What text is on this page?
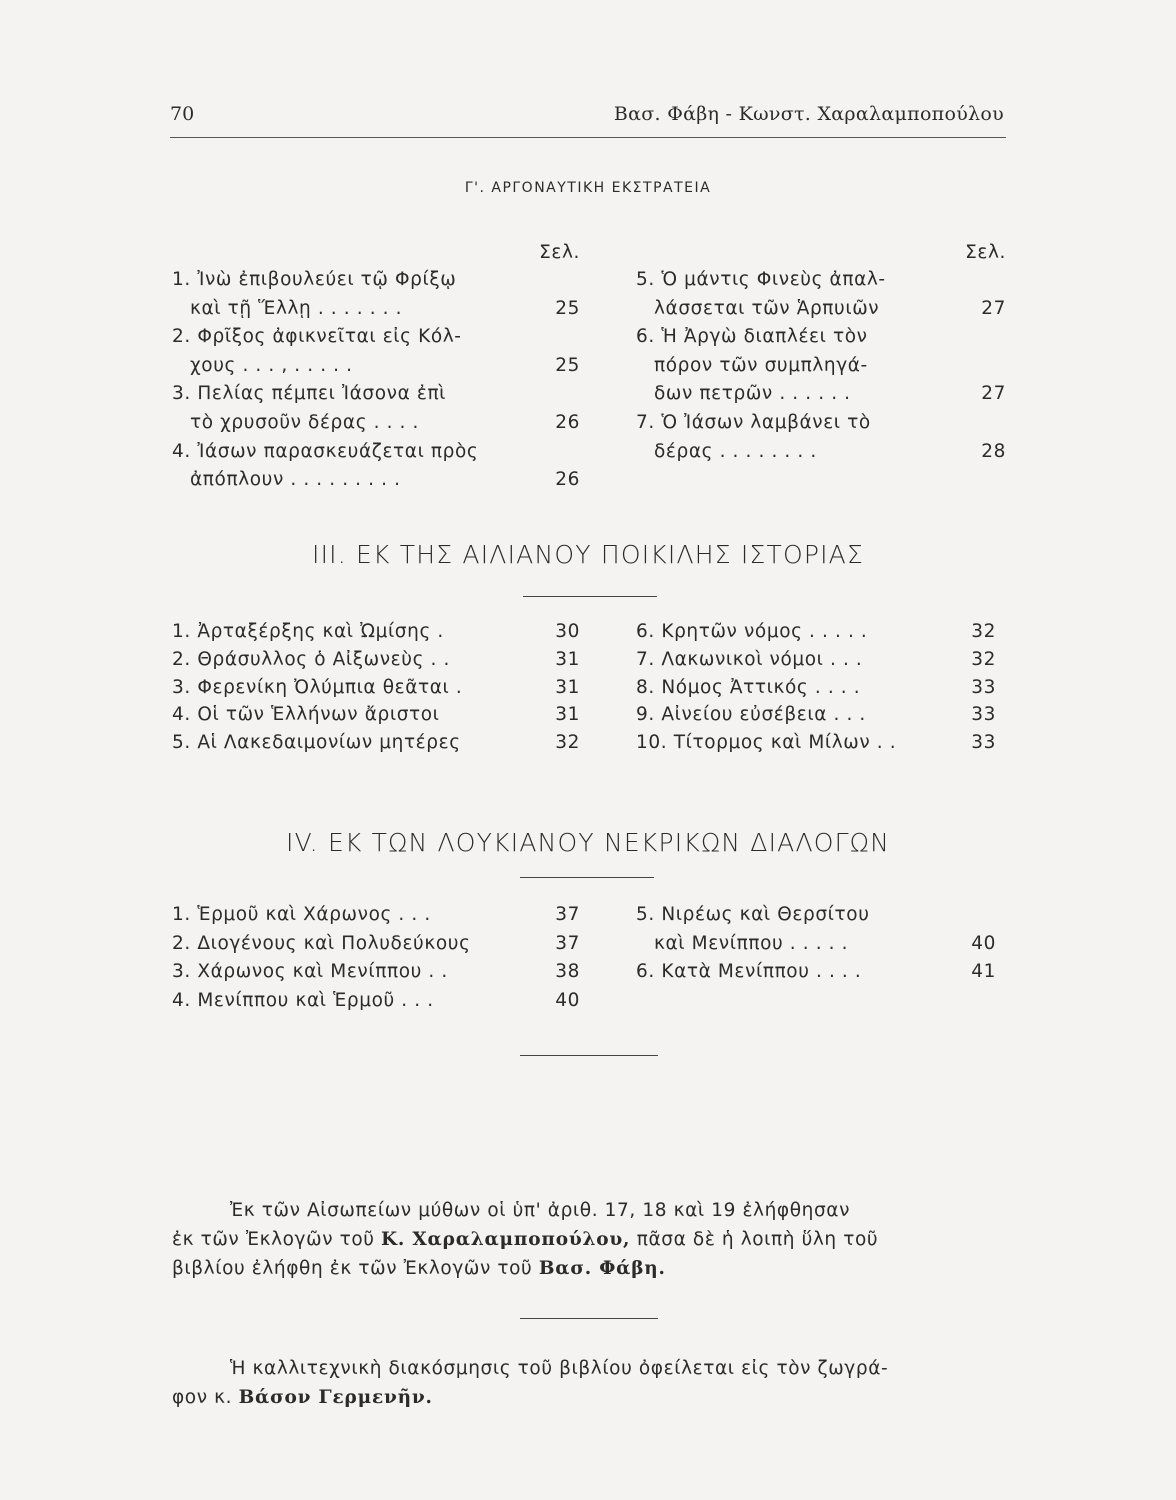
70	Βασ. Φάβη - Κωνστ. Χαραλαμποπούλου
Γ'. ΑΡΓΟΝΑΥΤΙΚΗ ΕΚΣΤΡΑΤΕΙΑ
Σελ.
1. Ἰνὼ ἐπιβουλεύει τῷ Φρίξῳ
καὶ τῇ Ἕλλῃ . . . . . . .	25
2. Φρῖξος ἀφικνεῖται εἰς Κόλ-
χους . . . , . . . . .	25
3. Πελίας πέμπει Ἰάσονα ἐπὶ
τὸ χρυσοῦν δέρας . . . .	26
4. Ἰάσων παρασκευάζεται πρὸς
ἀπόπλουν . . . . . . . . .	26
Σελ.
5. Ὁ μάντις Φινεὺς ἀπαλ-
λάσσεται τῶν Ἁρπυιῶν	27
6. Ἡ Ἀργὼ διαπλέει τὸν
πόρον τῶν συμπληγά-
δων πετρῶν . . . . . .	27
7. Ὁ Ἰάσων λαμβάνει τὸ
δέρας . . . . . . . .	28
III. ΕΚ ΤΗΣ ΑΙΛΙΑΝΟΥ ΠΟΙΚΙΛΗΣ ΙΣΤΟΡΙΑΣ
1. Ἀρταξέρξης καὶ Ὠμίσης .	30
2. Θράσυλλος ὁ Αἰξωνεὺς . .	31
3. Φερενίκη Ὀλύμπια θεᾶται .	31
4. Οἱ τῶν Ἑλλήνων ἄριστοι	31
5. Αἱ Λακεδαιμονίων μητέρες	32
6. Κρητῶν νόμος . . . . .	32
7. Λακωνικοὶ νόμοι . . .	32
8. Νόμος Ἀττικός . . . .	33
9. Αἰνείου εὐσέβεια . . .	33
10. Τίτορμος καὶ Μίλων . .	33
IV. ΕΚ ΤΩΝ ΛΟΥΚΙΑΝΟΥ ΝΕΚΡΙΚΩΝ ΔΙΑΛΟΓΩΝ
1. Ἑρμοῦ καὶ Χάρωνος . . .	37
2. Διογένους καὶ Πολυδεύκους	37
3. Χάρωνος καὶ Μενίππου . .	38
4. Μενίππου καὶ Ἑρμοῦ . . .	40
5. Νιρέως καὶ Θερσίτου
καὶ Μενίππου . . . . .	40
6. Κατὰ Μενίππου . . . .	41
Ἐκ τῶν Αἰσωπείων μύθων οἱ ὑπ' ἀριθ. 17, 18 καὶ 19 ἐλήφθησαν
ἐκ τῶν Ἐκλογῶν τοῦ Κ. Χαραλαμποπούλου, πᾶσα δὲ ἡ λοιπὴ ὕλη τοῦ
βιβλίου ἐλήφθη ἐκ τῶν Ἐκλογῶν τοῦ Βασ. Φάβη.
Ἡ καλλιτεχνικὴ διακόσμησις τοῦ βιβλίου ὀφείλεται εἰς τὸν ζωγρά-
φον κ. Βάσον Γερμενῆν.
